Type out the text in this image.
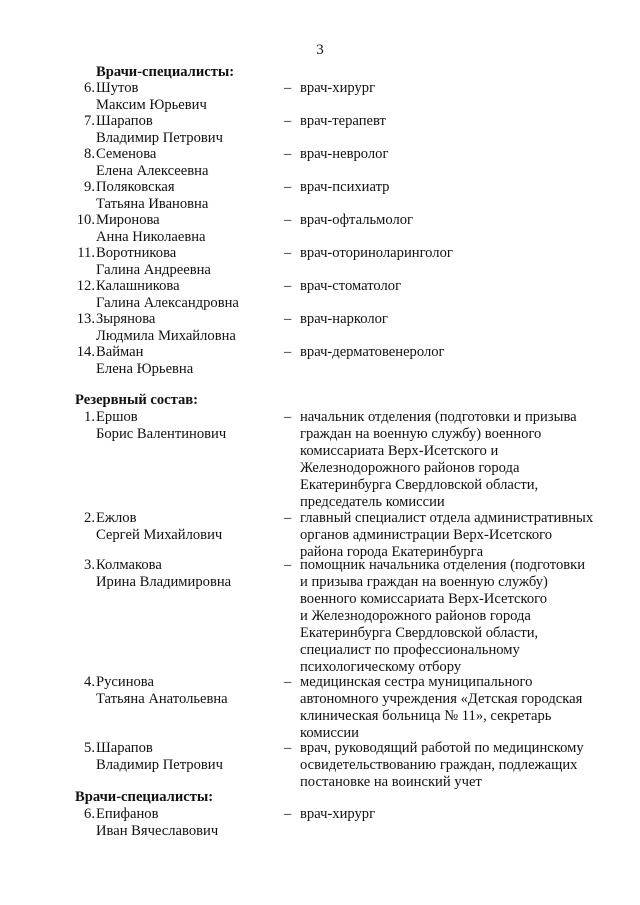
3
Врачи-специалисты:
6. Шутов
Максим Юрьевич
– врач-хирург
7. Шарапов
Владимир Петрович
– врач-терапевт
8. Семенова
Елена Алексеевна
– врач-невролог
9. Поляковская
Татьяна Ивановна
– врач-психиатр
10. Миронова
Анна Николаевна
– врач-офтальмолог
11. Воротникова
Галина Андреевна
– врач-оториноларинголог
12. Калашникова
Галина Александровна
– врач-стоматолог
13. Зырянова
Людмила Михайловна
– врач-нарколог
14. Вайман
Елена Юрьевна
– врач-дерматовенеролог
Резервный состав:
1. Ершов
Борис Валентинович
– начальник отделения (подготовки и призыва
граждан на военную службу) военного
комиссариата Верх-Исетского и
Железнодорожного районов города
Екатеринбурга Свердловской области,
председатель комиссии
2. Ежлов
Сергей Михайлович
– главный специалист отдела административных
органов администрации Верх-Исетского
района города Екатеринбурга
3. Колмакова
Ирина Владимировна
– помощник начальника отделения (подготовки
и призыва граждан на военную службу)
военного комиссариата Верх-Исетского
и Железнодорожного районов города
Екатеринбурга Свердловской области,
специалист по профессиональному
психологическому отбору
4. Русинова
Татьяна Анатольевна
– медицинская сестра муниципального
автономного учреждения «Детская городская
клиническая больница № 11», секретарь
комиссии
5. Шарапов
Владимир Петрович
– врач, руководящий работой по медицинскому
освидетельствованию граждан, подлежащих
постановке на воинский учет
Врачи-специалисты:
6. Епифанов
Иван Вячеславович
– врач-хирург
